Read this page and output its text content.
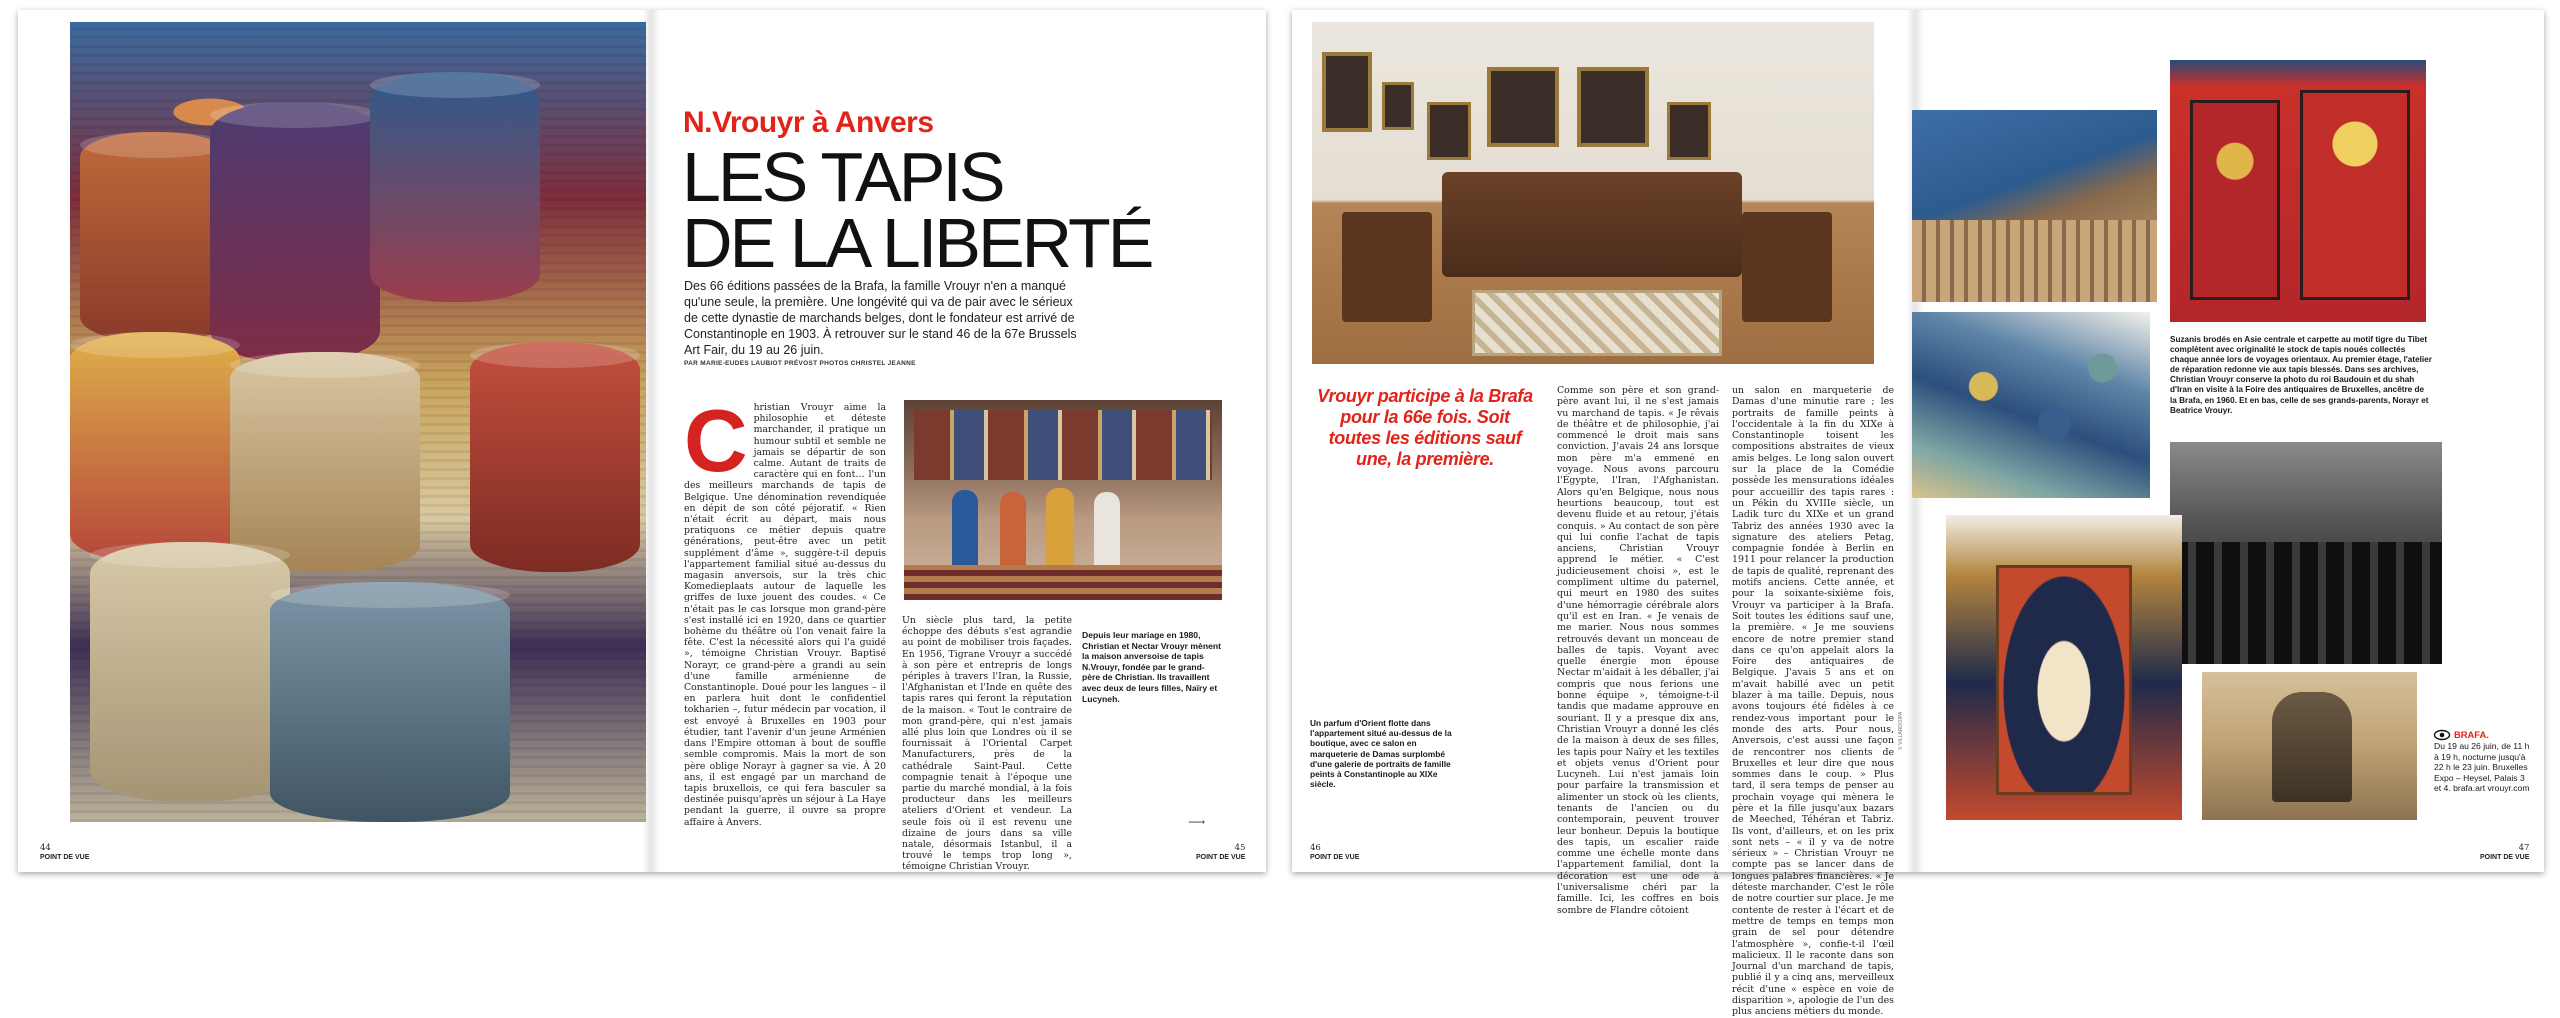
N.Vrouyr à Anvers
LES TAPIS
DE LA LIBERTÉ

Des 66 éditions passées de la Brafa, la famille Vrouyr n'en a manqué qu'une seule, la première. Une longévité qui va de pair avec le sérieux de cette dynastie de marchands belges, dont le fondateur est arrivé de Constantinople en 1903. À retrouver sur le stand 46 de la 67e Brussels Art Fair, du 19 au 26 juin.

PAR MARIE-EUDES LAUBIOT PRÉVOST PHOTOS CHRISTEL JEANNE

C hristian Vrouyr aime la philosophie et déteste marchander, il pratique un humour subtil et semble ne jamais se départir de son calme. Autant de traits de caractère qui en font… l'un des meilleurs marchands de tapis de Belgique. Une dénomination revendiquée en dépit de son côté péjoratif. « Rien n'était écrit au départ, mais nous pratiquons ce métier depuis quatre générations, peut-être avec un petit supplément d'âme », suggère-t-il depuis l'appartement familial situé au-dessus du magasin anversois, sur la très chic Komedieplaats autour de laquelle les griffes de luxe jouent des coudes. « Ce n'était pas le cas lorsque mon grand-père s'est installé ici en 1920, dans ce quartier bohème du théâtre où l'on venait faire la fête. C'est la nécessité alors qui l'a guidé », témoigne Christian Vrouyr. Baptisé Norayr, ce grand-père a grandi au sein d'une famille arménienne de Constantinople. Doué pour les langues – il en parlera huit dont le confidentiel tokharien –, futur médecin par vocation, il est envoyé à Bruxelles en 1903 pour étudier, tant l'avenir d'un jeune Arménien dans l'Empire ottoman à bout de souffle semble compromis. Mais la mort de son père oblige Norayr à gagner sa vie. À 20 ans, il est engagé par un marchand de tapis bruxellois, ce qui fera basculer sa destinée puisqu'après un séjour à La Haye pendant la guerre, il ouvre sa propre affaire à Anvers.

Depuis leur mariage en 1980, Christian et Nectar Vrouyr mènent la maison anversoise de tapis N.Vrouyr, fondée par le grand-père de Christian. Ils travaillent avec deux de leurs filles, Naïry et Lucyneh.

Un siècle plus tard, la petite échoppe des débuts s'est agrandie au point de mobiliser trois façades. En 1956, Tigrane Vrouyr a succédé à son père et entrepris de longs périples à travers l'Iran, la Russie, l'Afghanistan et l'Inde en quête des tapis rares qui feront la réputation de la maison. « Tout le contraire de mon grand-père, qui n'est jamais allé plus loin que Londres où il se fournissait à l'Oriental Carpet Manufacturers, près de la cathédrale Saint-Paul. Cette compagnie tenait à l'époque une partie du marché mondial, à la fois producteur dans les meilleurs ateliers d'Orient et vendeur. La seule fois où il est revenu une dizaine de jours dans sa ville natale, désormais Istanbul, il a trouvé le temps trop long », témoigne Christian Vrouyr.
⟶
44
POINT DE VUE
45
POINT DE VUE

Vrouyr participe à la Brafa pour la 66e fois. Soit toutes les éditions sauf une, la première.

Un parfum d'Orient flotte dans l'appartement situé au-dessus de la boutique, avec ce salon en marqueterie de Damas surplombé d'une galerie de portraits de famille peints à Constantinople au XIXe siècle.

Comme son père et son grand-père avant lui, il ne s'est jamais vu marchand de tapis. « Je rêvais de théâtre et de philosophie, j'ai commencé le droit mais sans conviction. J'avais 24 ans lorsque mon père m'a emmené en voyage. Nous avons parcouru l'Égypte, l'Iran, l'Afghanistan. Alors qu'en Belgique, nous nous heurtions beaucoup, tout est devenu fluide et au retour, j'étais conquis. » Au contact de son père qui lui confie l'achat de tapis anciens, Christian Vrouyr apprend le métier. « C'est judicieusement choisi », est le compliment ultime du paternel, qui meurt en 1980 des suites d'une hémorragie cérébrale alors qu'il est en Iran. « Je venais de me marier. Nous nous sommes retrouvés devant un monceau de balles de tapis. Voyant avec quelle énergie mon épouse Nectar m'aidait à les déballer, j'ai compris que nous ferions une bonne équipe », témoigne-t-il tandis que madame approuve en souriant. Il y a presque dix ans, Christian Vrouyr a donné les clés de la maison à deux de ses filles, les tapis pour Naïry et les textiles et objets venus d'Orient pour Lucyneh. Lui n'est jamais loin pour parfaire la transmission et alimenter un stock où les clients, tenants de l'ancien ou du contemporain, peuvent trouver leur bonheur. Depuis la boutique des tapis, un escalier raide comme une échelle monte dans l'appartement familial, dont la décoration est une ode à l'universalisme chéri par la famille. Ici, les coffres en bois sombre de Flandre côtoient
un salon en marqueterie de Damas d'une minutie rare ; les portraits de famille peints à l'occidentale à la fin du XIXe à Constantinople toisent les compositions abstraites de vieux amis belges. Le long salon ouvert sur la place de la Comédie possède les mensurations idéales pour accueillir des tapis rares : un Pékin du XVIIIe siècle, un Ladik turc du XIXe et un grand Tabriz des années 1930 avec la signature des ateliers Petag, compagnie fondée à Berlin en 1911 pour relancer la production de tapis de qualité, reprenant des motifs anciens. Cette année, et pour la soixante-sixième fois, Vrouyr va participer à la Brafa. Soit toutes les éditions sauf une, la première. « Je me souviens encore de notre premier stand dans ce qu'on appelait alors la Foire des antiquaires de Belgique. J'avais 5 ans et on m'avait habillé avec un petit blazer à ma taille. Depuis, nous avons toujours été fidèles à ce rendez-vous important pour le monde des arts. Pour nous, Anversois, c'est aussi une façon de rencontrer nos clients de Bruxelles et leur dire que nous sommes dans le coup. » Plus tard, il sera temps de penser au prochain voyage qui mènera le père et la fille jusqu'aux bazars de Meeched, Téhéran et Tabriz. Ils vont, d'ailleurs, et on les prix sont nets – « il y va de notre sérieux » – Christian Vrouyr ne compte pas se lancer dans de longues palabres financières. « Je déteste marchander. C'est le rôle de notre courtier sur place. Je me contente de rester à l'écart et de mettre de temps en temps mon grain de sel pour détendre l'atmosphère », confie-t-il l'œil malicieux. Il le raconte dans son Journal d'un marchand de tapis, publié il y a cinq ans, merveilleux récit d'une « espèce en voie de disparition », apologie de l'un des plus anciens métiers du monde.
© VILLARD/SIPA

Suzanis brodés en Asie centrale et carpette au motif tigre du Tibet complètent avec originalité le stock de tapis noués collectés chaque année lors de voyages orientaux. Au premier étage, l'atelier de réparation redonne vie aux tapis blessés. Dans ses archives, Christian Vrouyr conserve la photo du roi Baudouin et du shah d'Iran en visite à la Foire des antiquaires de Bruxelles, ancêtre de la Brafa, en 1960. Et en bas, celle de ses grands-parents, Norayr et Beatrice Vrouyr.

BRAFA.

Du 19 au 26 juin, de 11 h à 19 h, nocturne jusqu'à 22 h le 23 juin. Bruxelles Expo – Heysel, Palais 3 et 4. brafa.art vrouyr.com

46
POINT DE VUE
47
POINT DE VUE
